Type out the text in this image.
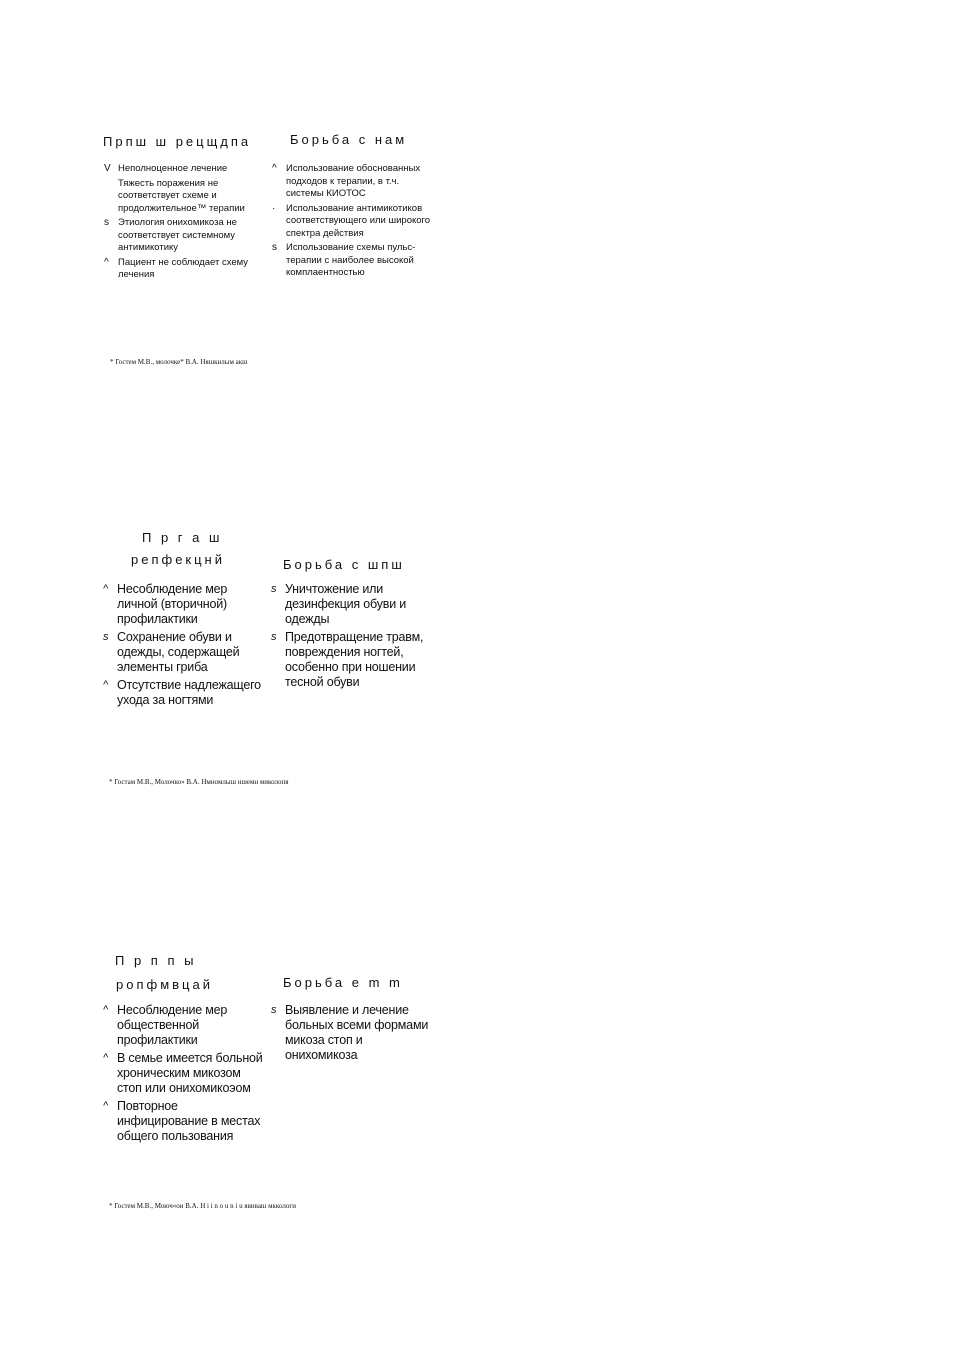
Прпш ш рецщдпа	Борьба с нам
V Неполноценное лечение
Тяжесть поражения не соответствует схеме и продолжительное™ терапии
s Этиология онихомикоза не соответствует системному антимикотику
^ Пациент не соблюдает схему лечения
^ Использование обоснованных подходов к терапии, в т.ч. системы КИОТОС
· Использование антимикотиков соответствующего или широкого спектра действия
s Использование схемы пульс-терапии с наиболее высокой комплаентностью
* Гостем М.В., молочке* В.А. Няшкнлым акш
П р г а ш
репфекцнй	Борьба с шпш
^ Несоблюдение мер личной (вторичной) профилактики
s Сохранение обуви и одежды, содержащей элементы гриба
^ Отсутствие надлежащего ухода за ногтями
s Уничтожение или дезинфекция обуви и одежды
s Предотвращение травм, повреждения ногтей, особенно при ношении тесной обуви
* Гостам М.В., Молочко» В.А. Нмномлыш ншемн миколопя
П р п п ы
ропфмвцай	Борьба е m m
^ Несоблюдение мер общественной профилактики
^ В семье имеется больной хроническим микозом стоп или онихомикоэом
^ Повторное инфицирование в местах общего пользования
s Выявление и лечение больных всеми формами микоза стоп и онихомикоза
* Гостем М.В., Моюч«ои В.А. Н i i n o u n i u явиваш мккологи
